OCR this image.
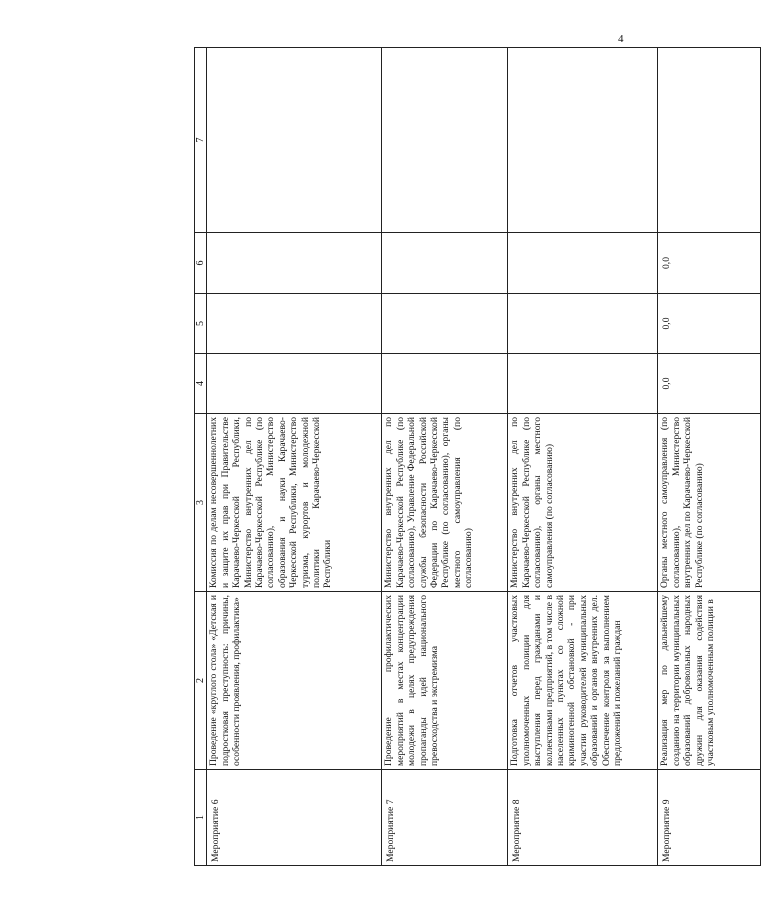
4
1	2	3	4	5	6	7
Мероприятие 6	Проведение «круглого стола» «Детская и подростковая преступность: причины, особенности проявления, профилактика»	Комиссия по делам несовершеннолетних и защите их прав при Правительстве Карачаево-Черкесской Республики, Министерство внутренних дел по Карачаево-Черкесской Республике (по согласованию), Министерство образования и науки Карачаево-Черкесской Республики, Министерство туризма, курортов и молодежной политики Карачаево-Черкесской Республики				
Мероприятие 7	Проведение профилактических мероприятий в местах концентрации молодежи в целях предупреждения пропаганды идей национального превосходства и экстремизма	Министерство внутренних дел по Карачаево-Черкесской Республике (по согласованию), Управление Федеральной службы безопасности Российской Федерации по Карачаево-Черкесской Республике (по согласованию), органы местного самоуправления (по согласованию)				
Мероприятие 8	Подготовка отчетов участковых уполномоченных полиции для выступления перед гражданами и коллективами предприятий, в том числе в населенных пунктах со сложной криминогенной обстановкой - при участии руководителей муниципальных образований и органов внутренних дел. Обеспечение контроля за выполнением предложений и пожеланий граждан	Министерство внутренних дел по Карачаево-Черкесской Республике (по согласованию), органы местного самоуправления (по согласованию)				
Мероприятие 9	Реализация мер по дальнейшему созданию на территории муниципальных образований добровольных народных дружин для оказания содействия участковым уполномоченным полиции в	Органы местного самоуправления (по согласованию), Министерство внутренних дел по Карачаево-Черкесской Республике (по согласованию)	0,0	0,0	0,0	
